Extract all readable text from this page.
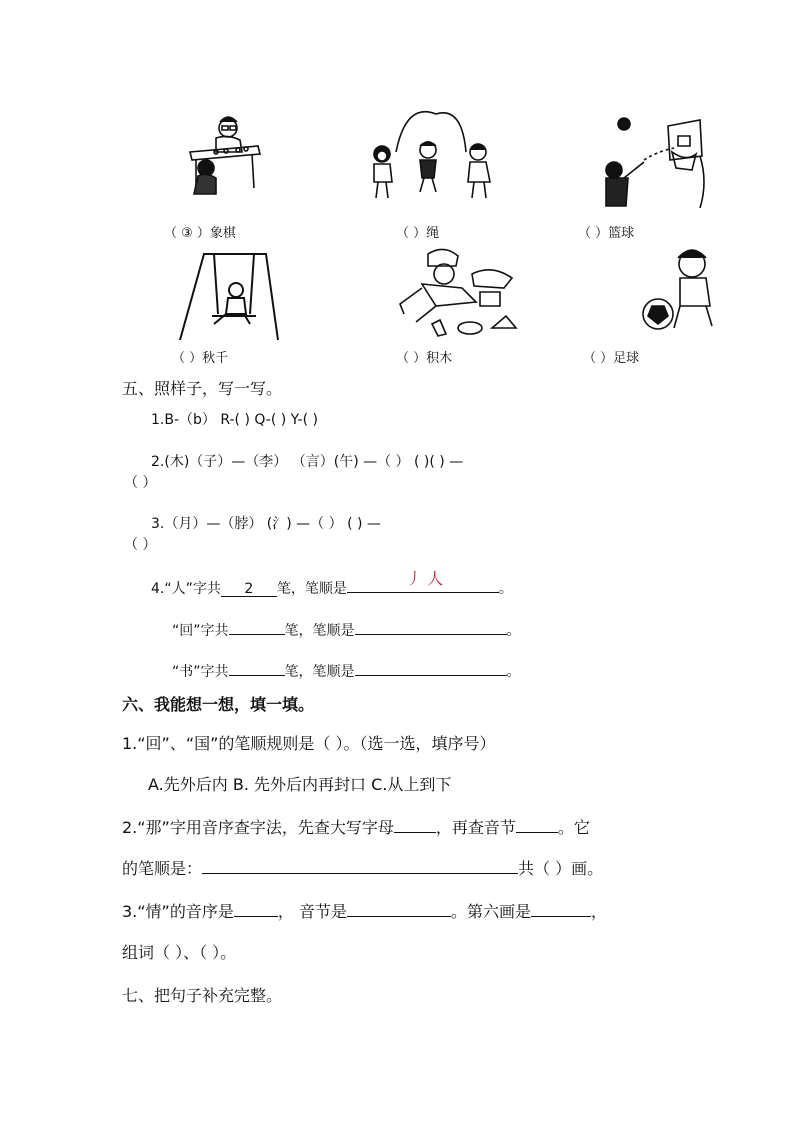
（ ③ ）象棋	（ ）绳	（ ）篮球
（ ）秋千	（ ）积木	（ ）足球
五、照样子，写一写。
1.B-（b） R-( ) Q-( ) Y-( )
2.(木)（子）—（李） （言）(午) —（ ） ( )( ) —
（ ）
3.（月）—（脖） (氵) —（ ） ( ) —
（ ）
4.“人”字共 2 笔，笔顺是	。
丿 人
“回”字共	笔，笔顺是	。
“书”字共	笔，笔顺是	。
六、我能想一想，填一填。
1.“回”、“国”的笔顺规则是（ ）。（选一选，填序号）
A.先外后内 B. 先外后内再封口 C.从上到下
2.“那”字用音序查字法，先查大写字母	，再查音节	。它
的笔顺是：	共（ ）画。
3.“情”的音序是	， 音节是	。第六画是	，
组词（ ）、（ ）。
七、把句子补充完整。
